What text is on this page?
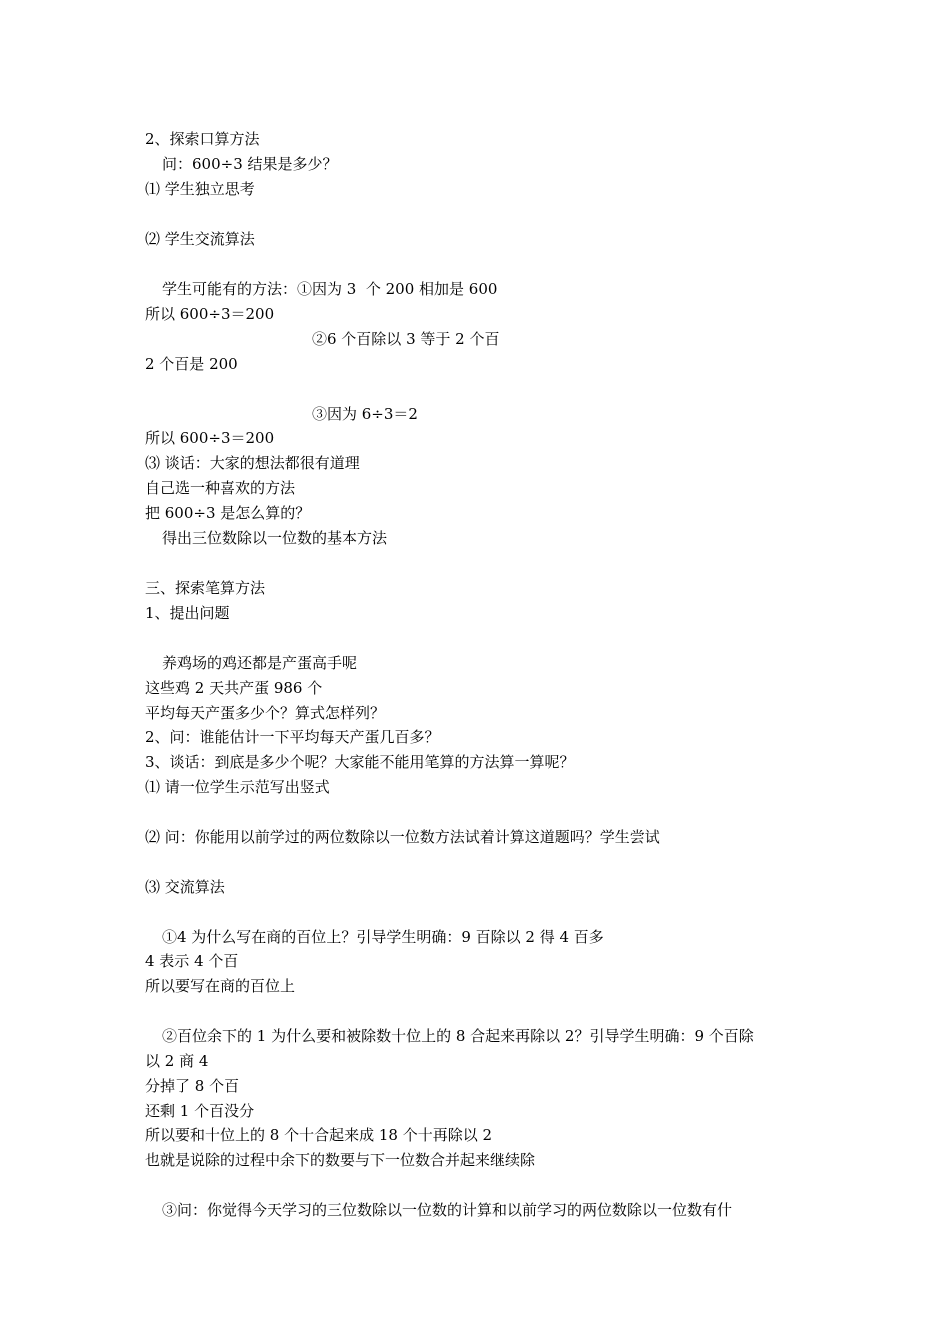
2、探索口算方法
问：600÷3 结果是多少？
⑴ 学生独立思考
⑵ 学生交流算法
学生可能有的方法：①因为 3  个 200 相加是 600
所以 600÷3＝200
②6 个百除以 3 等于 2 个百
2 个百是 200
③因为 6÷3＝2
所以 600÷3＝200
⑶ 谈话：大家的想法都很有道理
自己选一种喜欢的方法
把 600÷3 是怎么算的？
得出三位数除以一位数的基本方法
三、探索笔算方法
1、提出问题
养鸡场的鸡还都是产蛋高手呢
这些鸡 2 天共产蛋 986 个
平均每天产蛋多少个？算式怎样列？
2、问：谁能估计一下平均每天产蛋几百多？
3、谈话：到底是多少个呢？大家能不能用笔算的方法算一算呢？
⑴ 请一位学生示范写出竖式
⑵ 问：你能用以前学过的两位数除以一位数方法试着计算这道题吗？学生尝试
⑶ 交流算法
①4 为什么写在商的百位上？引导学生明确：9 百除以 2 得 4 百多
4 表示 4 个百
所以要写在商的百位上
②百位余下的 1 为什么要和被除数十位上的 8 合起来再除以 2？引导学生明确：9 个百除
以 2 商 4
分掉了 8 个百
还剩 1 个百没分
所以要和十位上的 8 个十合起来成 18 个十再除以 2
也就是说除的过程中余下的数要与下一位数合并起来继续除
③问：你觉得今天学习的三位数除以一位数的计算和以前学习的两位数除以一位数有什
